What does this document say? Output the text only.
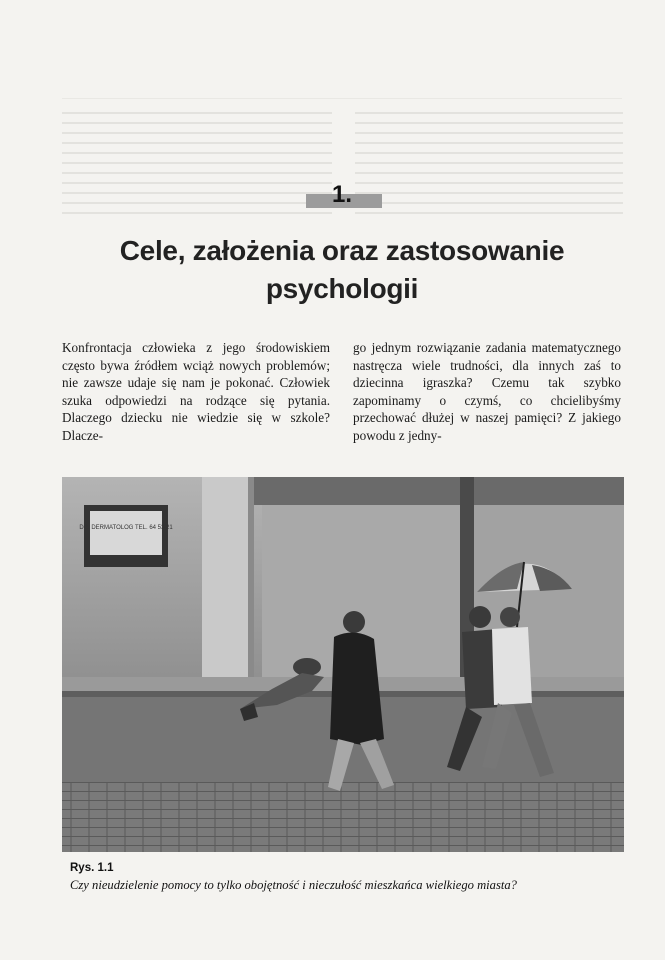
1.
Cele, założenia oraz zastosowanie psychologii
Konfrontacja człowieka z jego środowiskiem często bywa źródłem wciąż nowych problemów; nie zawsze udaje się nam je pokonać. Człowiek szuka odpowiedzi na rodzące się pytania. Dlaczego dziecku nie wiedzie się w szkole? Dlacze-
go jednym rozwiązanie zadania matematycznego nastręcza wiele trudności, dla innych zaś to dziecinna igraszka? Czemu tak szybko zapominamy o czymś, co chcielibyśmy przechować dłużej w naszej pamięci? Z jakiego powodu z jedny-
DR. DERMATOLOG TEL. 64 53 21
Rys. 1.1
Czy nieudzielenie pomocy to tylko obojętność i nieczułość mieszkańca wielkiego miasta?
